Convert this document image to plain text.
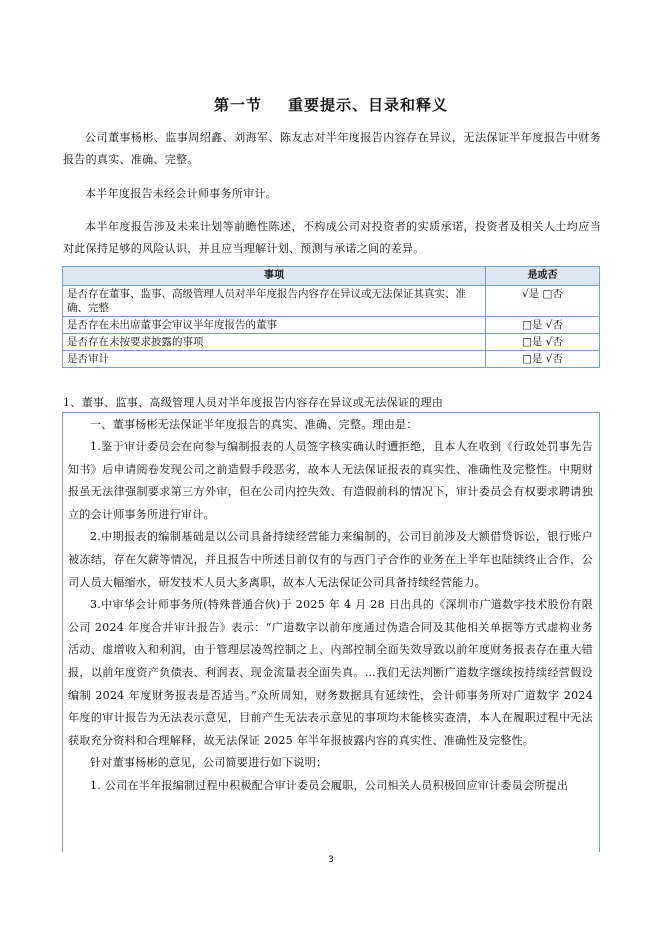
第一节 重要提示、目录和释义

公司董事杨彬、监事周绍鑫、刘海军、陈友志对半年度报告内容存在异议，无法保证半年度报告中财务报告的真实、准确、完整。

本半年度报告未经会计师事务所审计。

本半年度报告涉及未来计划等前瞻性陈述，不构成公司对投资者的实质承诺，投资者及相关人士均应当对此保持足够的风险认识，并且应当理解计划、预测与承诺之间的差异。

事项	是或否
是否存在董事、监事、高级管理人员对半年度报告内容存在异议或无法保证其真实、准确、完整	√是 □否
是否存在未出席董事会审议半年度报告的董事	□是 √否
是否存在未按要求披露的事项	□是 √否
是否审计	□是 √否
1、董事、监事、高级管理人员对半年度报告内容存在异议或无法保证的理由

一、董事杨彬无法保证半年度报告的真实、准确、完整。理由是：

1.鉴于审计委员会在向参与编制报表的人员签字核实确认时遭拒绝，且本人在收到《行政处罚事先告知书》后申请阅卷发现公司之前造假手段恶劣，故本人无法保证报表的真实性、准确性及完整性。中期财报虽无法律强制要求第三方外审，但在公司内控失效、有造假前科的情况下，审计委员会有权要求聘请独立的会计师事务所进行审计。

2.中期报表的编制基础是以公司具备持续经营能力来编制的，公司目前涉及大额借贷诉讼，银行账户被冻结，存在欠薪等情况，并且报告中所述目前仅有的与西门子合作的业务在上半年也陆续终止合作，公司人员大幅缩水，研发技术人员大多离职，故本人无法保证公司具备持续经营能力。

3.中审华会计师事务所(特殊普通合伙)于 2025 年 4 月 28 日出具的《深圳市广道数字技术股份有限公司 2024 年度合并审计报告》表示：“广道数字以前年度通过伪造合同及其他相关单据等方式虚构业务活动、虚增收入和利润，由于管理层凌驾控制之上、内部控制全面失效导致以前年度财务报表存在重大错报，以前年度资产负债表、利润表、现金流量表全面失真。…我们无法判断广道数字继续按持续经营假设编制 2024 年度财务报表是否适当。”众所周知，财务数据具有延续性，会计师事务所对广道数字 2024 年度的审计报告为无法表示意见，目前产生无法表示意见的事项均未能核实查清，本人在履职过程中无法获取充分资料和合理解释，故无法保证 2025 年半年报披露内容的真实性、准确性及完整性。

针对董事杨彬的意见，公司简要进行如下说明：

1. 公司在半年报编制过程中积极配合审计委员会履职，公司相关人员积极回应审计委员会所提出

3
